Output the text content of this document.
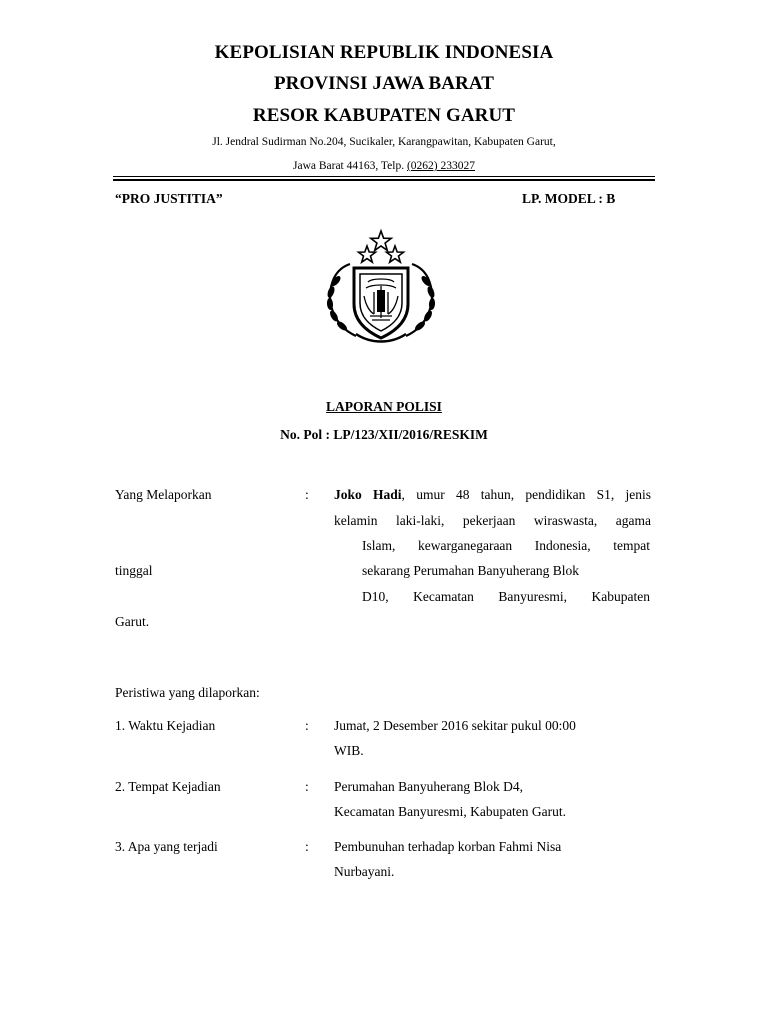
KEPOLISIAN REPUBLIK INDONESIA
PROVINSI JAWA BARAT
RESOR KABUPATEN GARUT
Jl. Jendral Sudirman No.204, Sucikaler, Karangpawitan, Kabupaten Garut,
Jawa Barat 44163, Telp. (0262) 233027
“PRO JUSTITIA”	LP. MODEL : B
LAPORAN POLISI
No. Pol : LP/123/XII/2016/RESKIM
Yang Melaporkan	: Joko Hadi, umur 48 tahun, pendidikan S1, jenis
kelamin laki-laki, pekerjaan wiraswasta, agama
Islam, kewarganegaraan Indonesia, tempat
tinggal	sekarang Perumahan Banyuherang Blok
D10, Kecamatan Banyuresmi, Kabupaten
Garut.
Peristiwa yang dilaporkan:
1. Waktu Kejadian	: Jumat, 2 Desember 2016 sekitar pukul 00:00
WIB.
2. Tempat Kejadian	: Perumahan Banyuherang Blok D4,
Kecamatan Banyuresmi, Kabupaten Garut.
3. Apa yang terjadi	: Pembunuhan terhadap korban Fahmi Nisa
Nurbayani.
